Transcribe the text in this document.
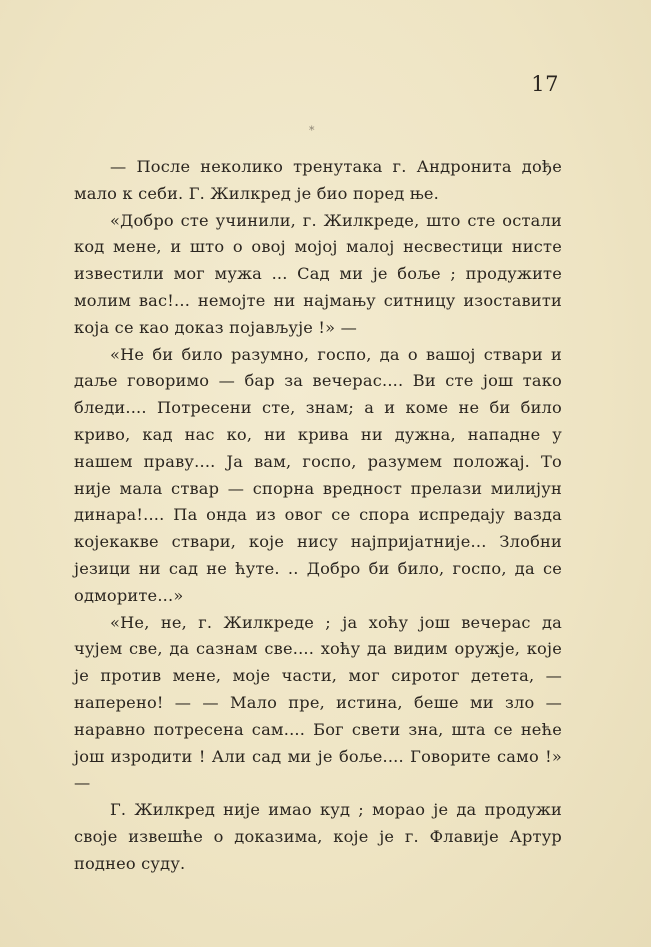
17
*

— После неколико тренутака г. Андронита дође мало к себи. Г. Жилкред је био поред ње.

«Добро сте учинили, г. Жилкреде, што сте остали код мене, и што о овој мојој малој несвестици нисте известили мог мужа ... Сад ми је боље ; продужите молим вас!... немојте ни најмању ситницу изоставити која се као доказ појављује !» —

«Не би било разумно, госпо, да о вашој ствари и даље говоримо — бар за вечерас.... Ви сте још тако бледи.... Потресени сте, знам; а и коме не би било криво, кад нас ко, ни крива ни дужна, нападне у нашем праву.... Ја вам, госпо, разумем положај. То није мала ствар — спорна вредност прелази милијун динара!.... Па онда из овог се спора испредају вазда којекакве ствари, које нису најпријатније... Злобни језици ни сад не ћуте. .. Добро би било, госпо, да се одморите...»

«Не, не, г. Жилкреде ; ја хоћу још вечерас да чујем све, да сазнам све.... хоћу да видим оружје, које је против мене, моје части, мог сиротог детета, — наперено! — — Мало пре, истина, беше ми зло — наравно потресена сам.... Бог свети зна, шта се неће још изродити ! Али сад ми је боље.... Говорите само !» —

Г. Жилкред није имао куд ; морао је да продужи своје извешће о доказима, које је г. Флавије Артур поднео суду.
